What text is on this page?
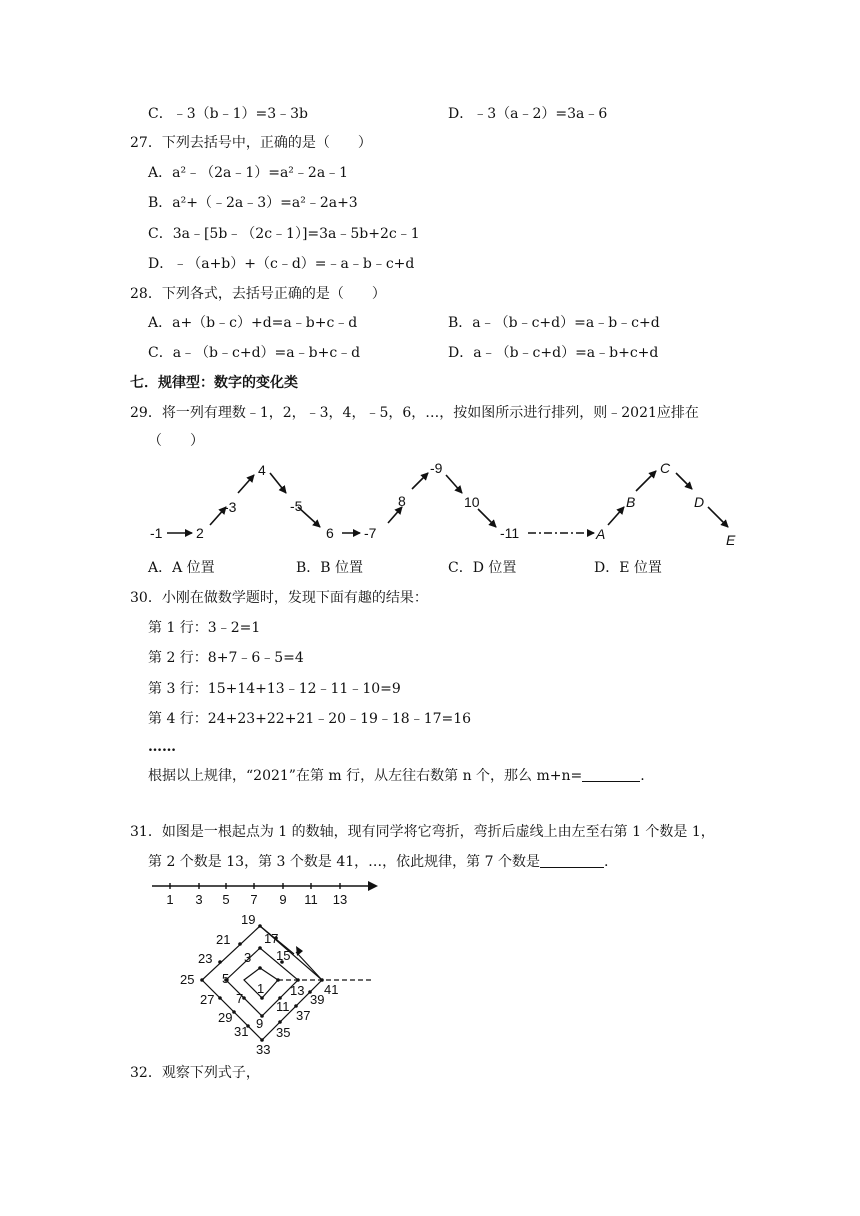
C．﹣3（b﹣1）=3﹣3b	D．﹣3（a﹣2）=3a﹣6
27．下列去括号中，正确的是（　　）
A．a²﹣（2a﹣1）=a²﹣2a﹣1
B．a²+（﹣2a﹣3）=a²﹣2a+3
C．3a﹣[5b﹣（2c﹣1）]=3a﹣5b+2c﹣1
D．﹣（a+b）+（c﹣d）=﹣a﹣b﹣c+d
28．下列各式，去括号正确的是（　　）
A．a+（b﹣c）+d=a﹣b+c﹣d	B．a﹣（b﹣c+d）=a﹣b﹣c+d
C．a﹣（b﹣c+d）=a﹣b+c﹣d	D．a﹣（b﹣c+d）=a﹣b+c+d
七．规律型：数字的变化类
29．将一列有理数﹣1，2，﹣3，4，﹣5，6，…，按如图所示进行排列，则﹣2021应排在
（　　）
-1 2
-3
4
-5
6 -7
8
-9
10
-11	A
B
C
D
E
A．A 位置	B．B 位置	C．D 位置	D．E 位置
30．小刚在做数学题时，发现下面有趣的结果：
第 1 行：3﹣2=1
第 2 行：8+7﹣6﹣5=4
第 3 行：15+14+13﹣12﹣11﹣10=9
第 4 行：24+23+22+21﹣20﹣19﹣18﹣17=16
……
根据以上规律，“2021”在第 m 行，从左往右数第 n 个，那么 m+n=	.
31．如图是一根起点为 1 的数轴，现有同学将它弯折，弯折后虚线上由左至右第 1 个数是 1，
第 2 个数是 13，第 3 个数是 41，…，依此规律，第 7 个数是	.
1 3 5 7 9 11 13
19
21	17
23 3 15
25 5
1 13 41
27 7
11 39
29 9
37
31 35
33
32．观察下列式子，
